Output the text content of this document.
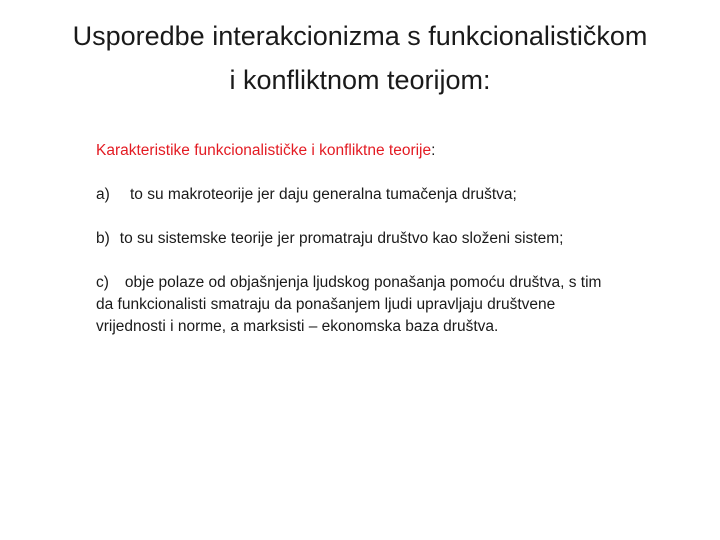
Usporedbe interakcionizma s funkcionalističkom
i konfliktnom teorijom:

Karakteristike funkcionalističke i konfliktne teorije:

a)	to su makroteorije jer daju generalna tumačenja društva;

b) to su sistemske teorije jer promatraju društvo kao složeni sistem;

c) obje polaze od objašnjenja ljudskog ponašanja pomoću društva, s tim da funkcionalisti smatraju da ponašanjem ljudi upravljaju društvene vrijednosti i norme, a marksisti – ekonomska baza društva.
